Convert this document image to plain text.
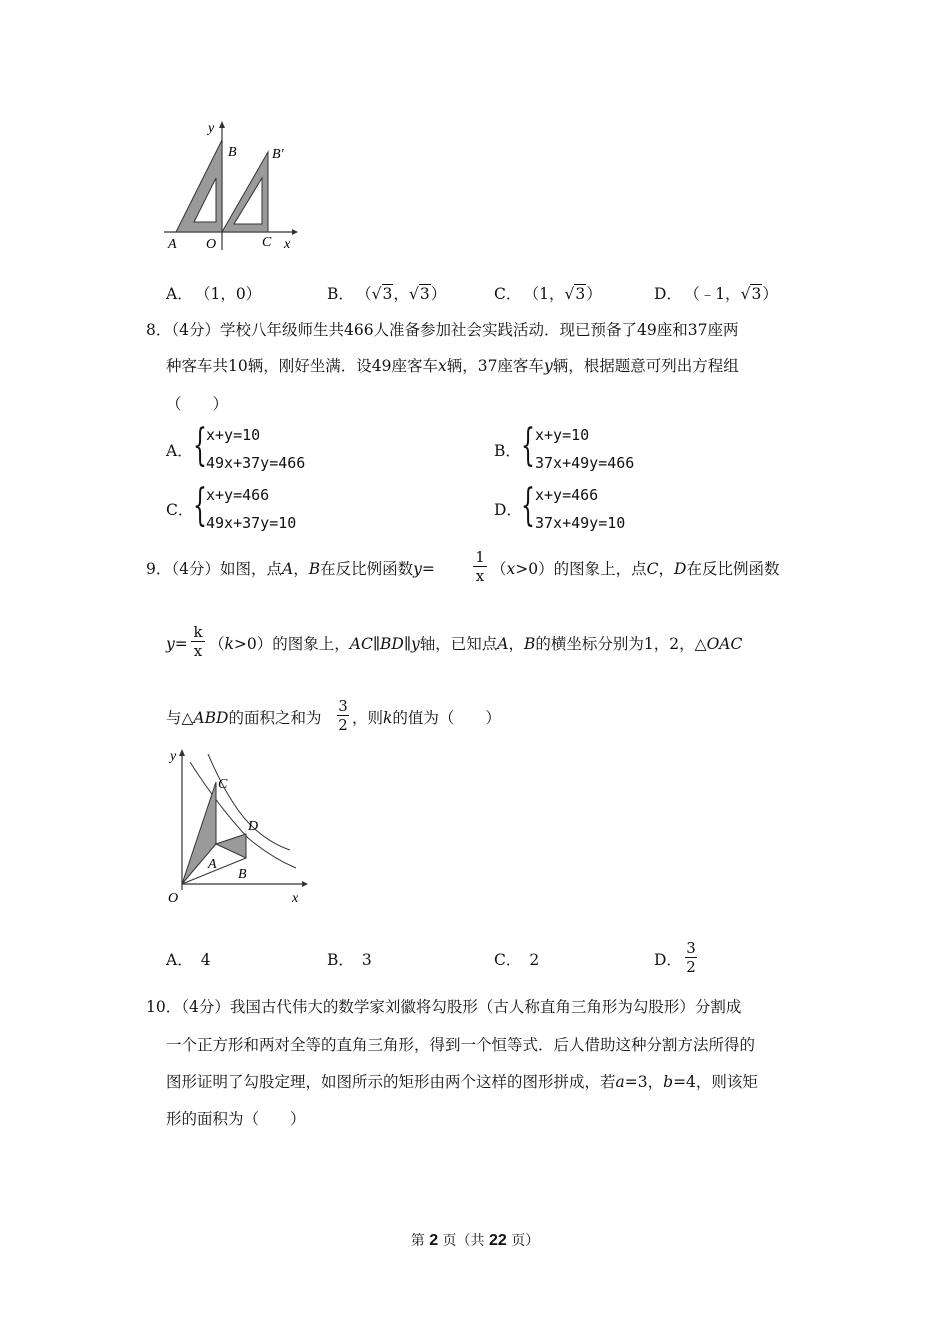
y
B	B′
A O	C x
A． （1，0）	B． （√3，√3）	C． （1，√3）	D． （﹣1，√3）
8．（4分）学校八年级师生共466人准备参加社会实践活动．现已预备了49座和37座两
种客车共10辆，刚好坐满．设49座客车x辆，37座客车y辆，根据题意可列出方程组
（　　）
A． { x+y=10
49x+37y=466
B． { x+y=10
37x+49y=466
C． { x+y=466
49x+37y=10
D． { x+y=466
37x+49y=10
9．（4分）如图，点A，B在反比例函数y=
1
x （x>0）的图象上，点C，D在反比例函数
y=
k
x （k>0）的图象上，AC∥BD∥y轴，已知点A，B的横坐标分别为1，2，△OAC
与△ABD的面积之和为
3
2 ，则k的值为（　　）
y
C
D
A
B
O	x
A． 4	B． 3	C． 2	D．
3
2
10．（4分）我国古代伟大的数学家刘徽将勾股形（古人称直角三角形为勾股形）分割成
一个正方形和两对全等的直角三角形，得到一个恒等式．后人借助这种分割方法所得的
图形证明了勾股定理，如图所示的矩形由两个这样的图形拼成，若a=3，b=4，则该矩
形的面积为（　　）
第 2 页（共 22 页）
